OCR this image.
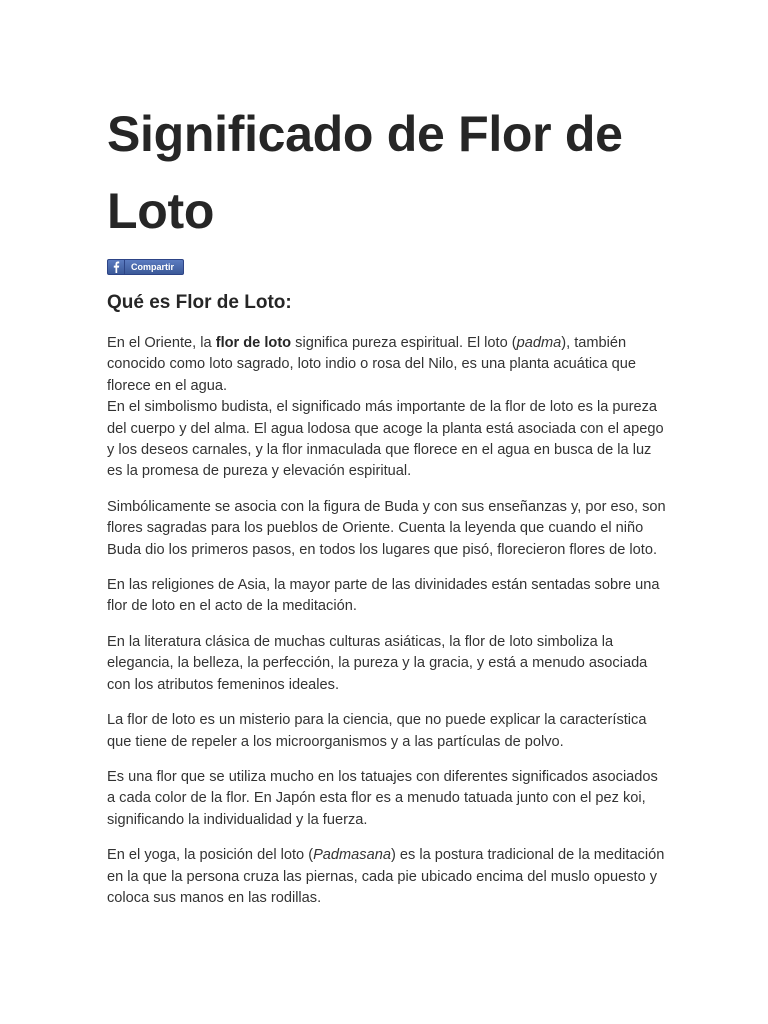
Significado de Flor de Loto
Compartir
Qué es Flor de Loto:

En el Oriente, la flor de loto significa pureza espiritual. El loto (padma), también conocido como loto sagrado, loto indio o rosa del Nilo, es una planta acuática que florece en el agua.

En el simbolismo budista, el significado más importante de la flor de loto es la pureza del cuerpo y del alma. El agua lodosa que acoge la planta está asociada con el apego y los deseos carnales, y la flor inmaculada que florece en el agua en busca de la luz es la promesa de pureza y elevación espiritual.

Simbólicamente se asocia con la figura de Buda y con sus enseñanzas y, por eso, son flores sagradas para los pueblos de Oriente. Cuenta la leyenda que cuando el niño Buda dio los primeros pasos, en todos los lugares que pisó, florecieron flores de loto.

En las religiones de Asia, la mayor parte de las divinidades están sentadas sobre una flor de loto en el acto de la meditación.

En la literatura clásica de muchas culturas asiáticas, la flor de loto simboliza la elegancia, la belleza, la perfección, la pureza y la gracia, y está a menudo asociada con los atributos femeninos ideales.

La flor de loto es un misterio para la ciencia, que no puede explicar la característica que tiene de repeler a los microorganismos y a las partículas de polvo.

Es una flor que se utiliza mucho en los tatuajes con diferentes significados asociados a cada color de la flor. En Japón esta flor es a menudo tatuada junto con el pez koi, significando la individualidad y la fuerza.

En el yoga, la posición del loto (Padmasana) es la postura tradicional de la meditación en la que la persona cruza las piernas, cada pie ubicado encima del muslo opuesto y coloca sus manos en las rodillas.
